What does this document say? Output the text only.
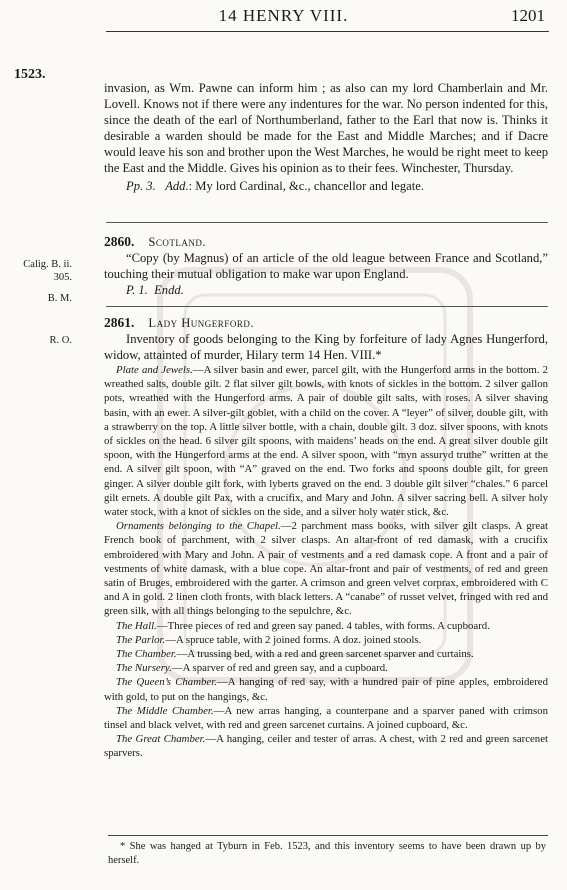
14 HENRY VIII.	1201
1523.

invasion, as Wm. Pawne can inform him ; as also can my lord Chamberlain and Mr. Lovell. Knows not if there were any indentures for the war. No person indented for this, since the death of the earl of Northumberland, father to the Earl that now is. Thinks it desirable a warden should be made for the East and Middle Marches; and if Dacre would leave his son and brother upon the West Marches, he would be right meet to keep the East and the Middle. Gives his opinion as to their fees. Winchester, Thursday.

Pp. 3. Add.: My lord Cardinal, &c., chancellor and legate.

Calig. B. ii.
305.
B. M.

2860. Scotland.

“Copy (by Magnus) of an article of the old league between France and Scotland,” touching their mutual obligation to make war upon England.

P. 1. Endd.

R. O.

2861. Lady Hungerford.

Inventory of goods belonging to the King by forfeiture of lady Agnes Hungerford, widow, attainted of murder, Hilary term 14 Hen. VIII.*

Plate and Jewels.—A silver basin and ewer, parcel gilt, with the Hungerford arms in the bottom. 2 wreathed salts, double gilt. 2 flat silver gilt bowls, with knots of sickles in the bottom. 2 silver gallon pots, wreathed with the Hungerford arms. A pair of double gilt salts, with roses. A silver shaving basin, with an ewer. A silver-gilt goblet, with a child on the cover. A “leyer” of silver, double gilt, with a strawberry on the top. A little silver bottle, with a chain, double gilt. 3 doz. silver spoons, with knots of sickles on the head. 6 silver gilt spoons, with maidens’ heads on the end. A great silver double gilt spoon, with the Hungerford arms at the end. A silver spoon, with “myn assuryd truthe” written at the end. A silver gilt spoon, with “A” graved on the end. Two forks and spoons double gilt, for green ginger. A silver double gilt fork, with lyberts graved on the end. 3 double gilt silver “chales.” 6 parcel gilt ernets. A double gilt Pax, with a crucifix, and Mary and John. A silver sacring bell. A silver holy water stock, with a knot of sickles on the side, and a silver holy water stick, &c.

Ornaments belonging to the Chapel.—2 parchment mass books, with silver gilt clasps. A great French book of parchment, with 2 silver clasps. An altar-front of red damask, with a crucifix embroidered with Mary and John. A pair of vestments and a red damask cope. A front and a pair of vestments of white damask, with a blue cope. An altar-front and pair of vestments, of red and green satin of Bruges, embroidered with the garter. A crimson and green velvet corprax, embroidered with C and A in gold. 2 linen cloth fronts, with black letters. A “canabe” of russet velvet, fringed with red and green silk, with all things belonging to the sepulchre, &c.

The Hall.—Three pieces of red and green say paned. 4 tables, with forms. A cupboard.

The Parlor.—A spruce table, with 2 joined forms. A doz. joined stools.

The Chamber.—A trussing bed, with a red and green sarcenet sparver and curtains.

The Nursery.—A sparver of red and green say, and a cupboard.

The Queen’s Chamber.—A hanging of red say, with a hundred pair of pine apples, embroidered with gold, to put on the hangings, &c.

The Middle Chamber.—A new arras hanging, a counterpane and a sparver paned with crimson tinsel and black velvet, with red and green sarcenet curtains. A joined cupboard, &c.

The Great Chamber.—A hanging, ceiler and tester of arras. A chest, with 2 red and green sarcenet sparvers.

* She was hanged at Tyburn in Feb. 1523, and this inventory seems to have been drawn up by herself.
